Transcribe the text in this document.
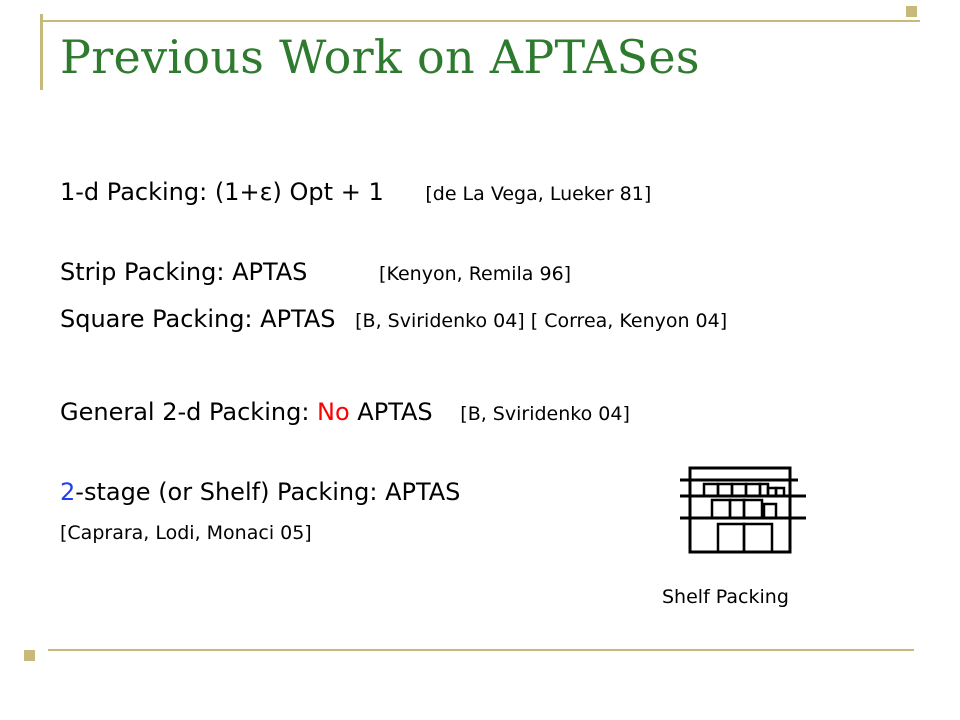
Previous Work on APTASes
1-d Packing: (1+ε) Opt + 1 [de La Vega, Lueker 81]
Strip Packing: APTAS	[Kenyon, Remila 96]
Square Packing: APTAS [B, Sviridenko 04] [ Correa, Kenyon 04]
General 2-d Packing: No APTAS [B, Sviridenko 04]
2-stage (or Shelf) Packing: APTAS
[Caprara, Lodi, Monaci 05]
Shelf Packing
